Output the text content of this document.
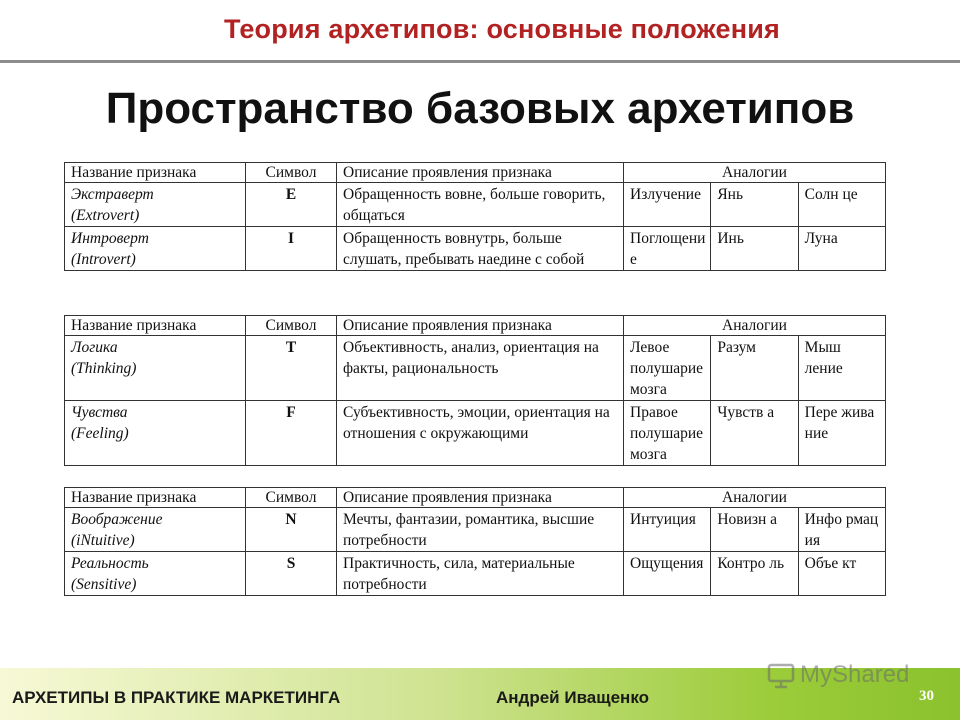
Теория архетипов: основные положения
Пространство базовых архетипов
Название признака	Символ	Описание проявления признака	Аналогии		

Экстраверт
(Extrovert)	E	Обращенность вовне, больше говорить, общаться	Излучение	Янь	Солн це

Интроверт
(Introvert)	I	Обращенность вовнутрь, больше слушать, пребывать наедине с собой	Поглощени е	Инь	Луна
Название признака	Символ	Описание проявления признака	Аналогии		

Логика
(Thinking)	T	Объективность, анализ, ориентация на факты, рациональность	Левое полушарие мозга	Разум	Мыш ление

Чувства
(Feeling)	F	Субъективность, эмоции, ориентация на отношения с окружающими	Правое полушарие мозга	Чувств а	Пере жива ние
Название признака	Символ	Описание проявления признака	Аналогии		

Воображение
(iNtuitive)	N	Мечты, фантазии, романтика, высшие потребности	Интуиция	Новизн а	Инфо рмац ия

Реальность
(Sensitive)	S	Практичность, сила, материальные потребности	Ощущения	Контро ль	Объе кт
АРХЕТИПЫ В ПРАКТИКЕ МАРКЕТИНГА	Андрей Иващенко	30
MyShared
